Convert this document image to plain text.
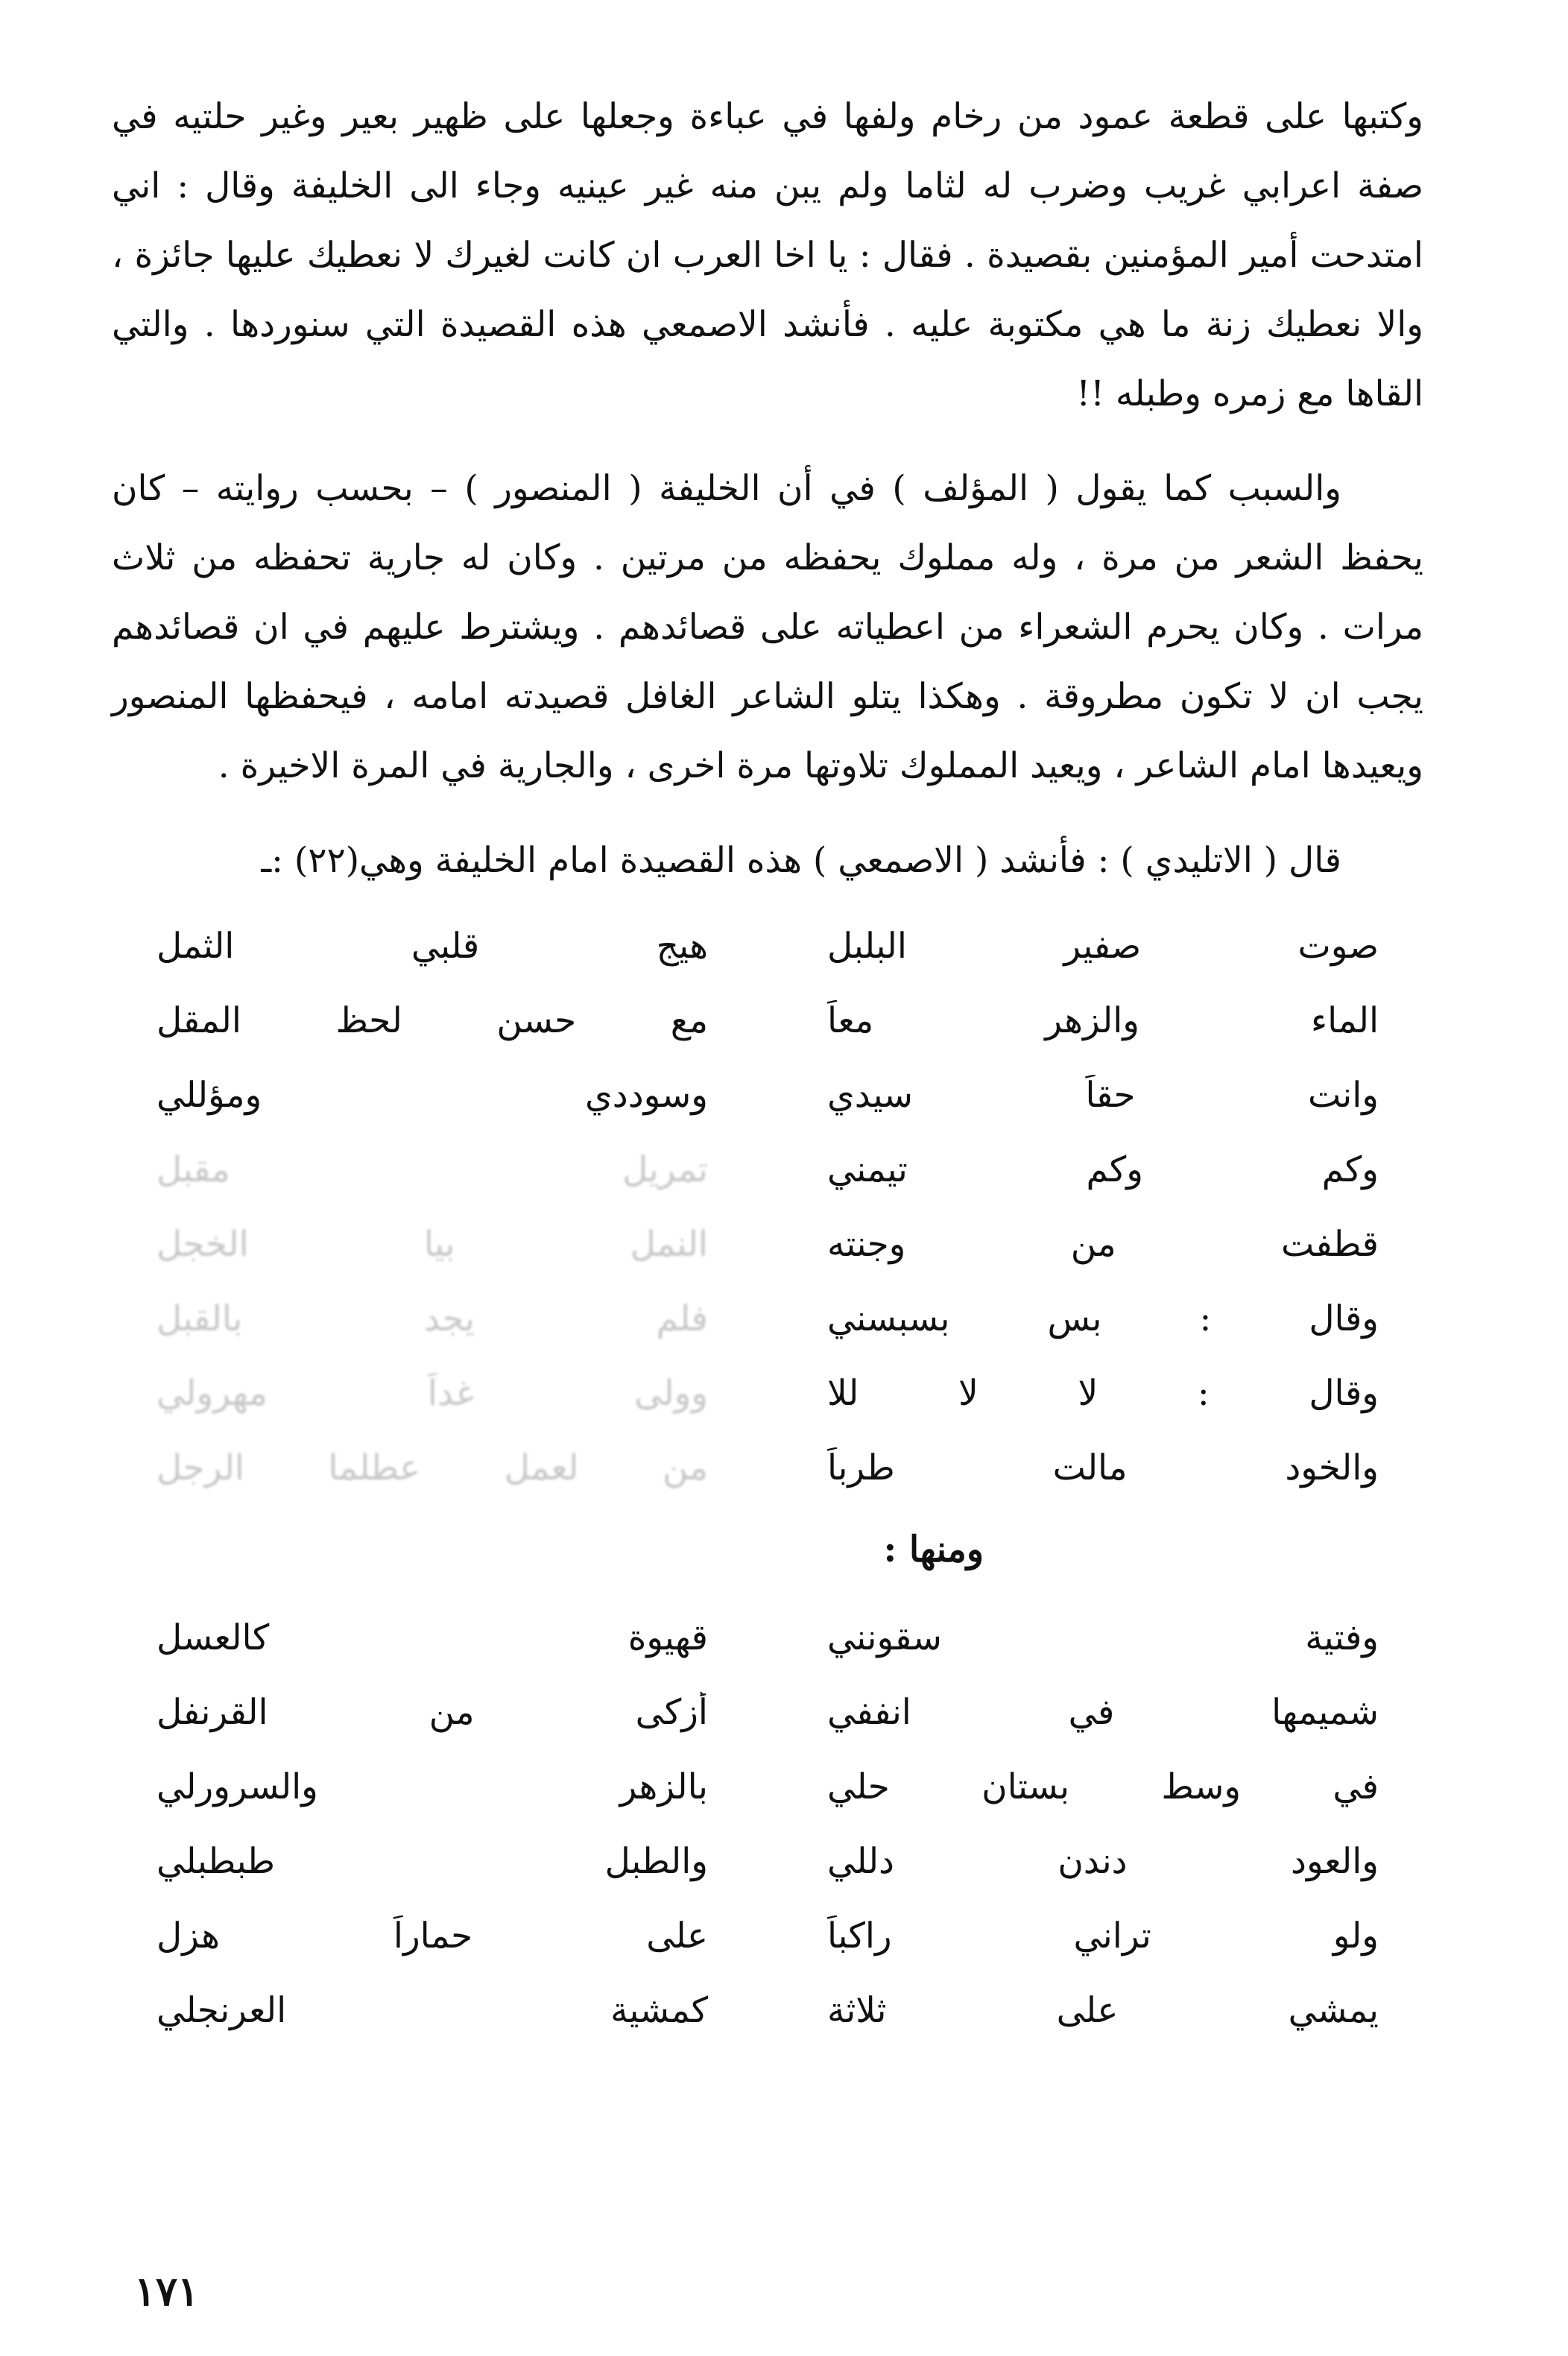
وكتبها على قطعة عمود من رخام ولفها في عباءة وجعلها على ظهير بعير وغير حلتيه في صفة اعرابي غريب وضرب له لثاما ولم يبن منه غير عينيه وجاء الى الخليفة وقال : اني امتدحت أمير المؤمنين بقصيدة . فقال : يا اخا العرب ان كانت لغيرك لا نعطيك عليها جائزة ، والا نعطيك زنة ما هي مكتوبة عليه . فأنشد الاصمعي هذه القصيدة التي سنوردها . والتي القاها مع زمره وطبله !!

والسبب كما يقول ( المؤلف ) في أن الخليفة ( المنصور ) – بحسب روايته – كان يحفظ الشعر من مرة ، وله مملوك يحفظه من مرتين . وكان له جارية تحفظه من ثلاث مرات . وكان يحرم الشعراء من اعطياته على قصائدهم . ويشترط عليهم في ان قصائدهم يجب ان لا تكون مطروقة . وهكذا يتلو الشاعر الغافل قصيدته امامه ، فيحفظها المنصور ويعيدها امام الشاعر ، ويعيد المملوك تلاوتها مرة اخرى ، والجارية في المرة الاخيرة .

قال ( الاتليدي ) : فأنشد ( الاصمعي ) هذه القصيدة امام الخليفة وهي(٢٢) :ـ

صوت صفير البلبل
هيج قلبي الثمل
الماء والزهر معاً
مع حسن لحظ المقل
وانت حقاً سيدي
وسوددي ومؤللي
وكم وكم تيمني
تمريل مقبل
قطفت من وجنته
النمل بيا الخجل
وقال : بس بسبسني
فلم يجد بالقبل
وقال : لا لا للا
وولى غداً مهرولي
والخود مالت طرباً
من لعمل عطلما الرجل
ومنها :
وفتية سقونني
قهيوة كالعسل
شميمها في انففي
أزكى من القرنفل
في وسط بستان حلي
بالزهر والسرورلي
والعود دندن دللي
والطبل طبطبلي
ولو تراني راكباً
على حماراً هزل
يمشي على ثلاثة
كمشية العرنجلي
١٧١
